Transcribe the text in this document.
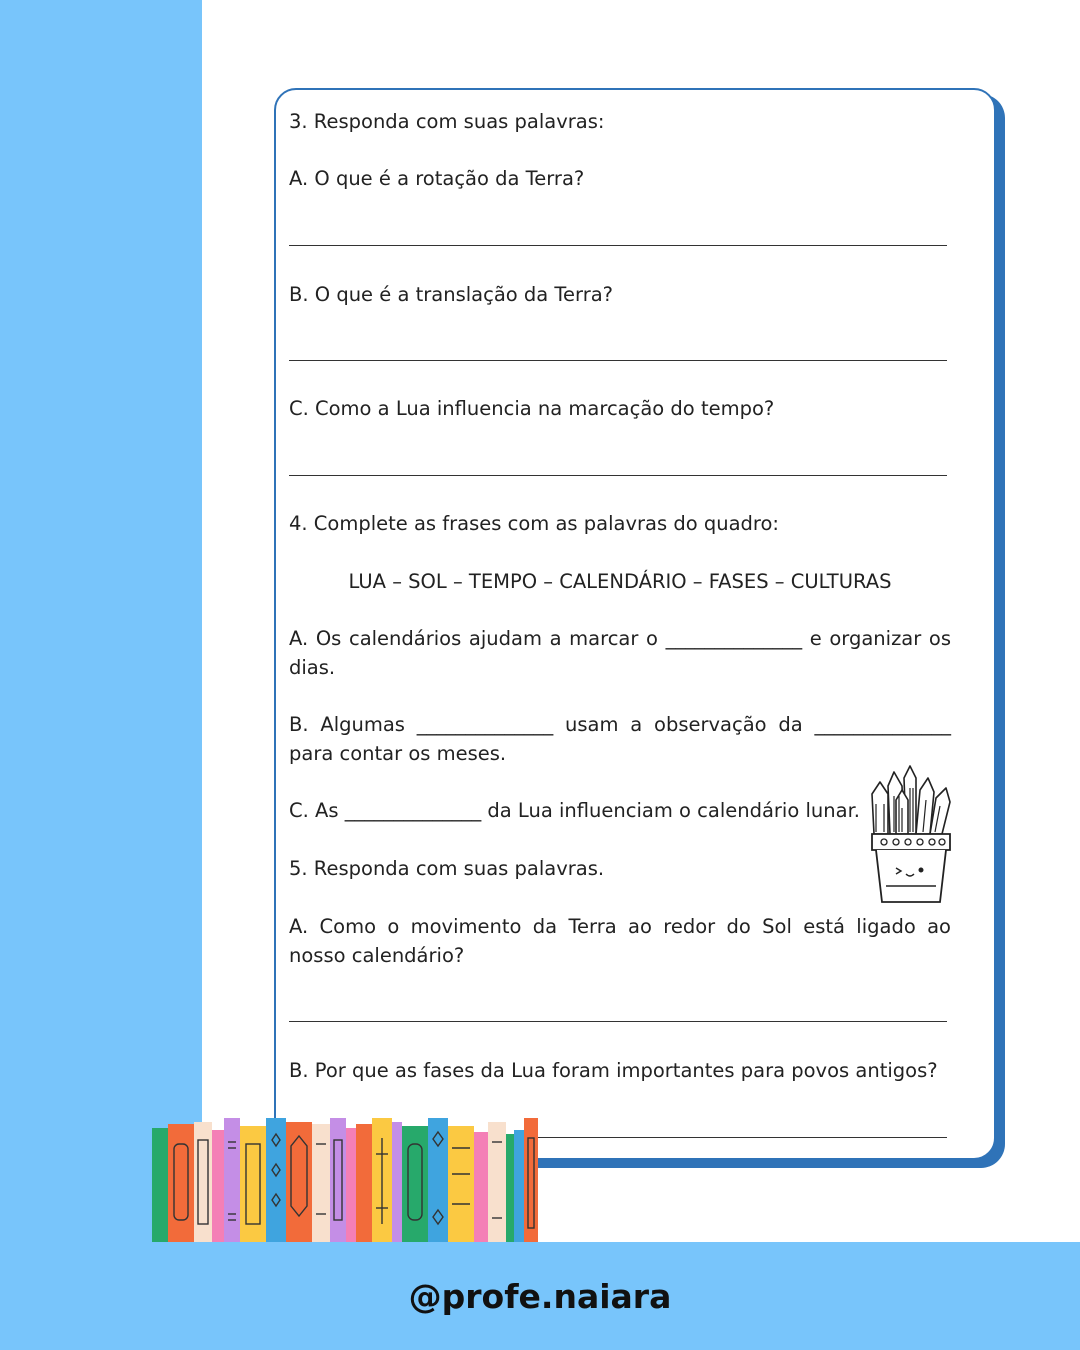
3. Responda com suas palavras:

A. O que é a rotação da Terra?

B. O que é a translação da Terra?

C. Como a Lua influencia na marcação do tempo?

4. Complete as frases com as palavras do quadro:

LUA – SOL – TEMPO – CALENDÁRIO – FASES – CULTURAS

A. Os calendários ajudam a marcar o ______________ e organizar os dias.

B. Algumas ______________ usam a observação da ______________ para contar os meses.

C. As ______________ da Lua influenciam o calendário lunar.

5. Responda com suas palavras.

A. Como o movimento da Terra ao redor do Sol está ligado ao nosso calendário?

B. Por que as fases da Lua foram importantes para povos antigos?

@profe.naiara
